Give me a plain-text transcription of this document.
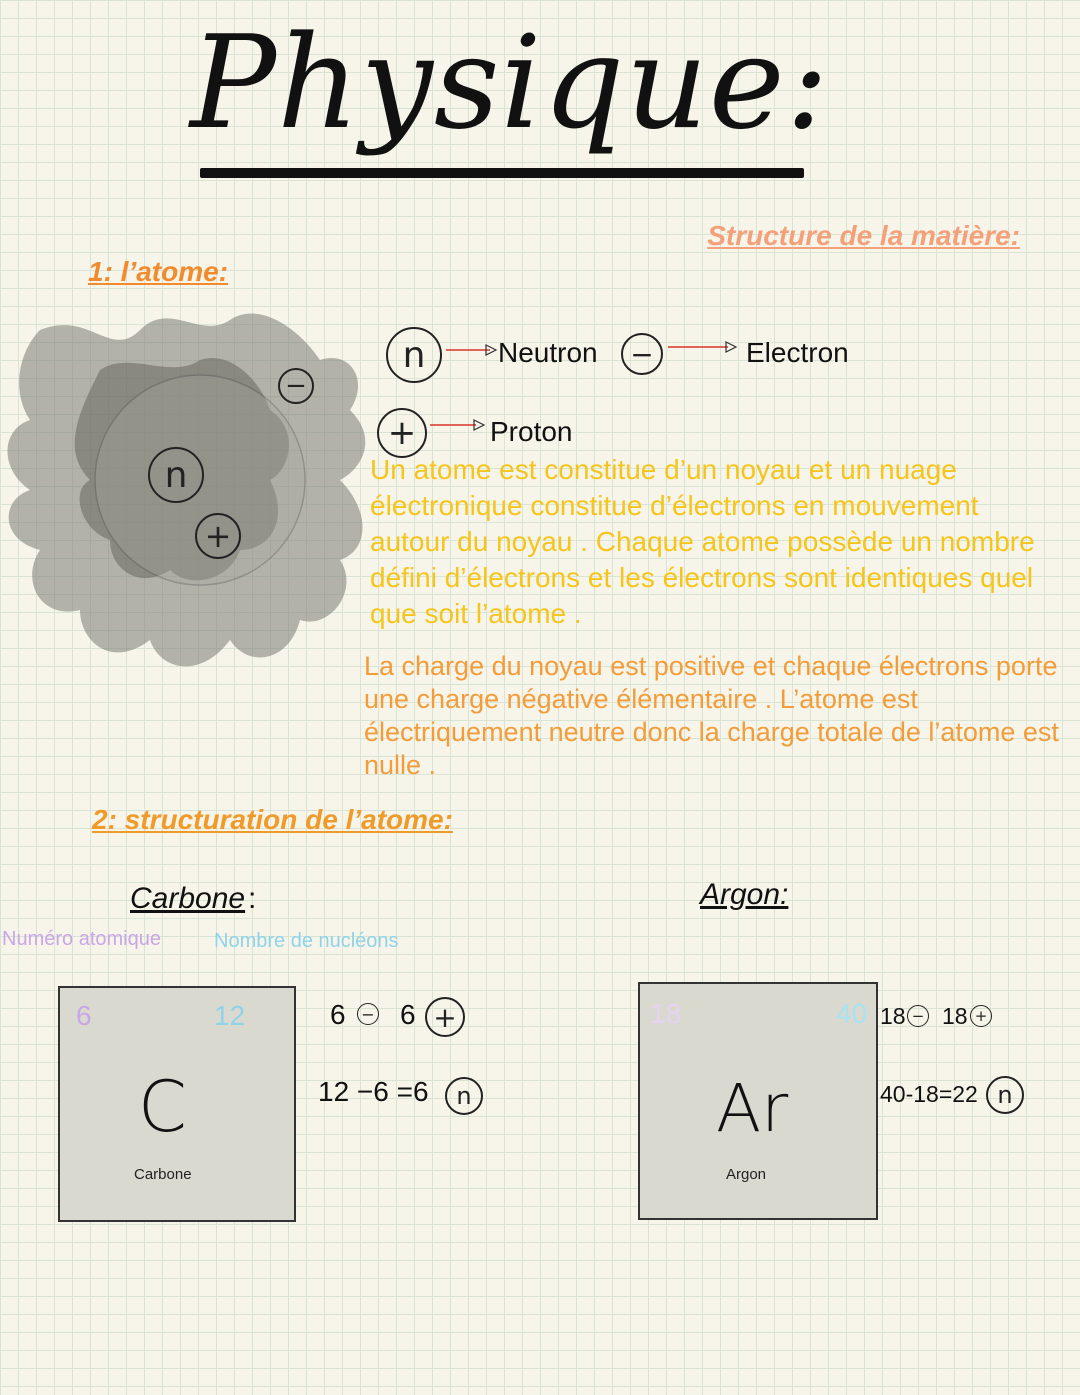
Physique:
Structure de la matière:
1: l’atome:
n
+
−
n	Neutron	−	Electron
+	Proton
Un atome est constitue d’un noyau et un nuage électronique constitue d’électrons en mouvement autour du noyau . Chaque atome possède un nombre défini d’électrons et les électrons sont identiques quel que soit l’atome .
La charge du noyau est positive et chaque électrons porte une charge négative élémentaire . L’atome est électriquement neutre donc la charge totale de l’atome est nulle .
2: structuration de l’atome:
Carbone :	Argon:
Numéro atomique	Nombre de nucléons
6	12
C
Carbone
6 − 6 +
12 −6 =6	n
18	40
Ar
Argon
18 − 18 +
40-18=22 n
